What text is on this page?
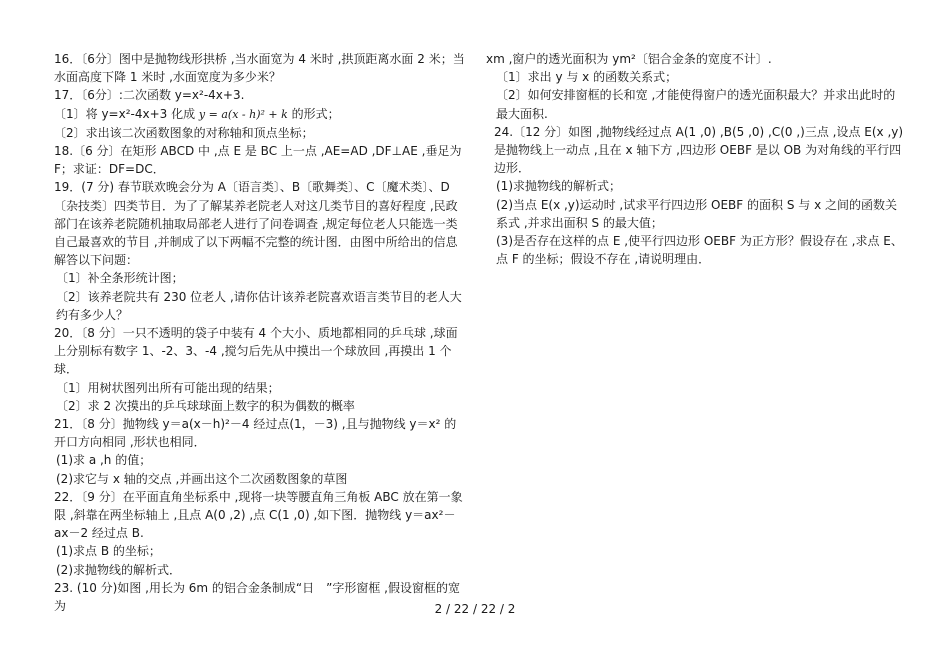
16．〔6分〕图中是抛物线形拱桥 ,当水面宽为 4 米时 ,拱顶距离水面 2 米；当水面高度下降 1 米时 ,水面宽度为多少米？

17．〔6分〕:二次函数 y=x²-4x+3.

〔1〕将 y=x²-4x+3 化成 y = a(x - h)² + k 的形式；

〔2〕求出该二次函数图象的对称轴和顶点坐标；

18.〔6 分〕在矩形 ABCD 中 ,点 E 是 BC 上一点 ,AE=AD ,DF⊥AE ,垂足为 F；求证：DF=DC．

19．(7 分) 春节联欢晚会分为 A〔语言类〕、B〔歌舞类〕、C〔魔术类〕、D〔杂技类〕四类节目．为了了解某养老院老人对这几类节目的喜好程度 ,民政部门在该养老院随机抽取局部老人进行了问卷调查 ,规定每位老人只能选一类自己最喜欢的节目 ,并制成了以下两幅不完整的统计图．由图中所给出的信息解答以下问题：

〔1〕补全条形统计图；

〔2〕该养老院共有 230 位老人 ,请你估计该养老院喜欢语言类节目的老人大约有多少人？

20．〔8 分〕一只不透明的袋子中装有 4 个大小、质地都相同的乒乓球 ,球面上分别标有数字 1、-2、3、-4 ,搅匀后先从中摸出一个球放回 ,再摸出 1 个球．

〔1〕用树状图列出所有可能出现的结果；

〔2〕求 2 次摸出的乒乓球球面上数字的积为偶数的概率

21．〔8 分〕抛物线 y＝a(x－h)²－4 经过点(1，－3) ,且与抛物线 y＝x² 的开口方向相同 ,形状也相同．

(1)求 a ,h 的值；

(2)求它与 x 轴的交点 ,并画出这个二次函数图象的草图

22．〔9 分〕在平面直角坐标系中 ,现将一块等腰直角三角板 ABC 放在第一象限 ,斜靠在两坐标轴上 ,且点 A(0 ,2) ,点 C(1 ,0) ,如下图．抛物线 y＝ax²－ax－2 经过点 B.

(1)求点 B 的坐标；

(2)求抛物线的解析式．

23. (10 分)如图 ,用长为 6m 的铝合金条制成“日　”字形窗框 ,假设窗框的宽为

xm ,窗户的透光面积为 ym²〔铝合金条的宽度不计〕.

〔1〕求出 y 与 x 的函数关系式；

〔2〕如何安排窗框的长和宽 ,才能使得窗户的透光面积最大？并求出此时的最大面积.

24.〔12 分〕如图 ,抛物线经过点 A(1 ,0) ,B(5 ,0) ,C(0 ,)三点 ,设点 E(x ,y)是抛物线上一动点 ,且在 x 轴下方 ,四边形 OEBF 是以 OB 为对角线的平行四边形．

(1)求抛物线的解析式；

(2)当点 E(x ,y)运动时 ,试求平行四边形 OEBF 的面积 S 与 x 之间的函数关系式 ,并求出面积 S 的最大值；

(3)是否存在这样的点 E ,使平行四边形 OEBF 为正方形？假设存在 ,求点 E、点 F 的坐标；假设不存在 ,请说明理由．

2 / 22 / 22 / 2
